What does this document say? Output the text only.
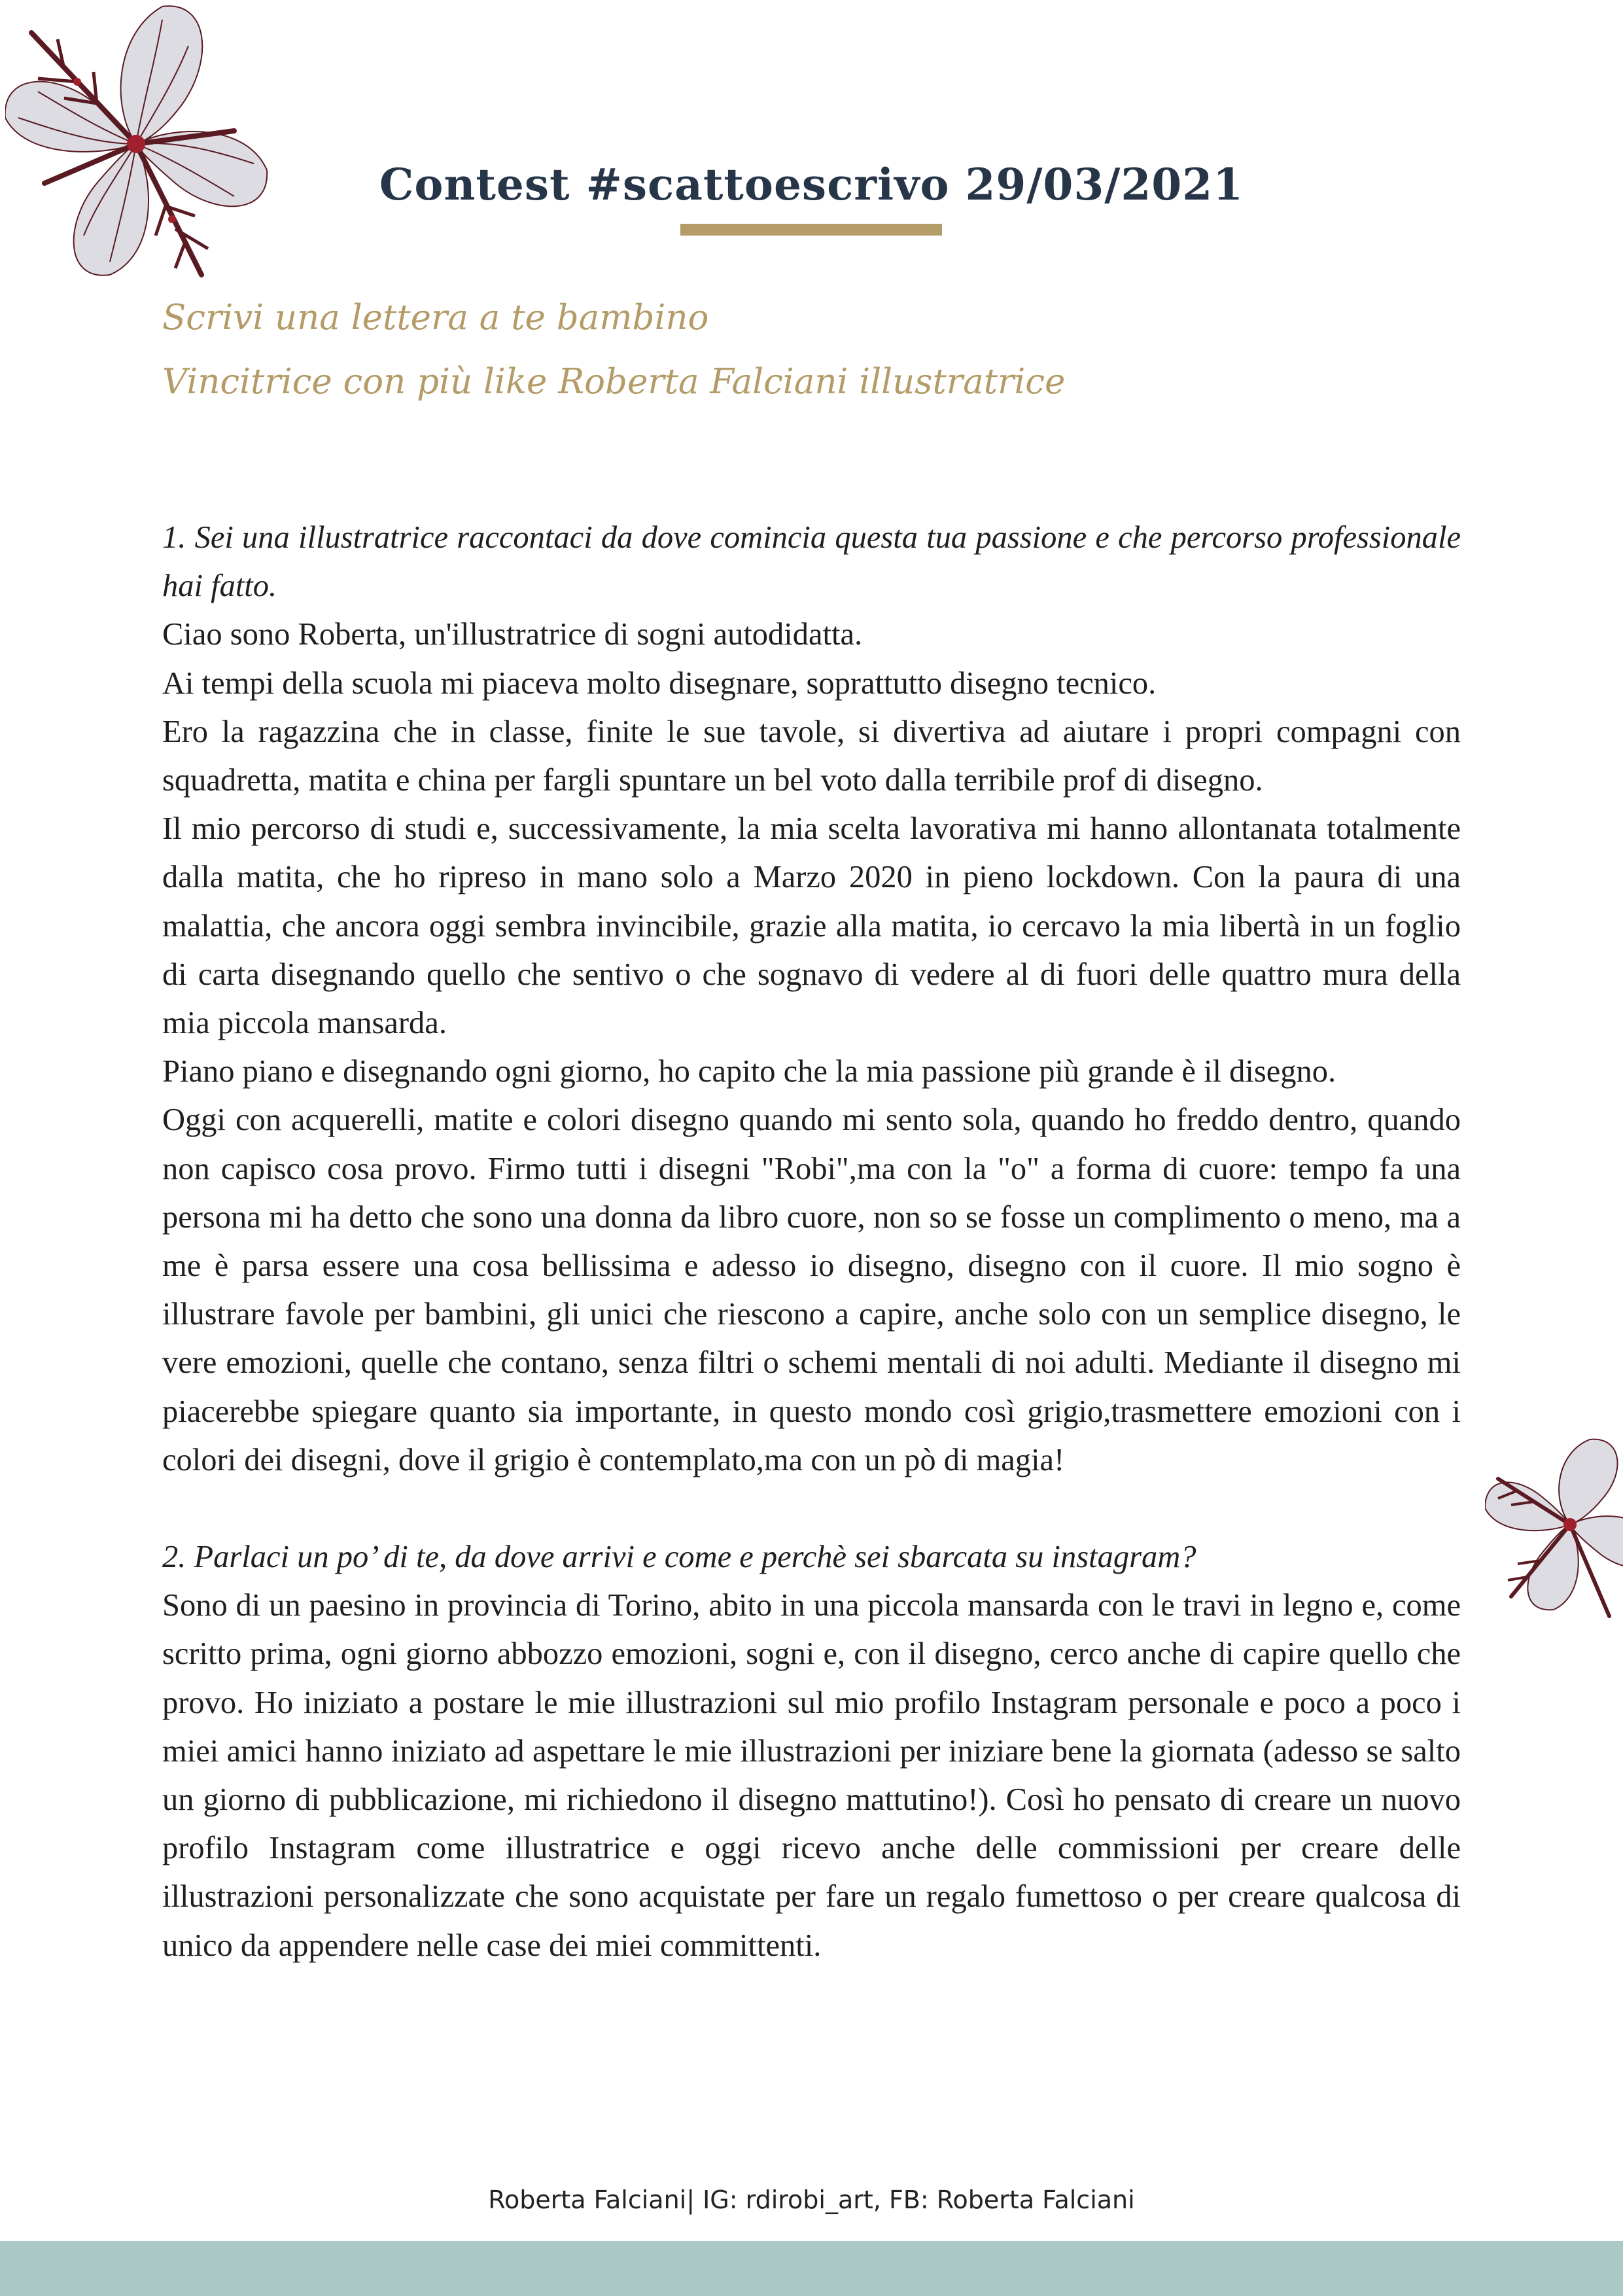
Contest #scattoescrivo 29/03/2021

Scrivi una lettera a te bambino

Vincitrice con più like Roberta Falciani illustratrice

1. Sei una illustratrice raccontaci da dove comincia questa tua passione e che percorso professionale hai fatto.

Ciao sono Roberta, un'illustratrice di sogni autodidatta.

Ai tempi della scuola mi piaceva molto disegnare, soprattutto disegno tecnico.

Ero la ragazzina che in classe, finite le sue tavole, si divertiva ad aiutare i propri compagni con squadretta, matita e china per fargli spuntare un bel voto dalla terribile prof di disegno.

Il mio percorso di studi e, successivamente, la mia scelta lavorativa mi hanno allontanata totalmente dalla matita, che ho ripreso in mano solo a Marzo 2020 in pieno lockdown. Con la paura di una malattia, che ancora oggi sembra invincibile, grazie alla matita, io cercavo la mia libertà in un foglio di carta disegnando quello che sentivo o che sognavo di vedere al di fuori delle quattro mura della mia piccola mansarda.

Piano piano e disegnando ogni giorno, ho capito che la mia passione più grande è il disegno.

Oggi con acquerelli, matite e colori disegno quando mi sento sola, quando ho freddo dentro, quando non capisco cosa provo. Firmo tutti i disegni "Robi",ma con la "o" a forma di cuore: tempo fa una persona mi ha detto che sono una donna da libro cuore, non so se fosse un complimento o meno, ma a me è parsa essere una cosa bellissima e adesso io disegno, disegno con il cuore. Il mio sogno è illustrare favole per bambini, gli unici che riescono a capire, anche solo con un semplice disegno, le vere emozioni, quelle che contano, senza filtri o schemi mentali di noi adulti. Mediante il disegno mi piacerebbe spiegare quanto sia importante, in questo mondo così grigio,trasmettere emozioni con i colori dei disegni, dove il grigio è contemplato,ma con un pò di magia!

2. Parlaci un po’ di te, da dove arrivi e come e perchè sei sbarcata su instagram?

Sono di un paesino in provincia di Torino, abito in una piccola mansarda con le travi in legno e, come scritto prima, ogni giorno abbozzo emozioni, sogni e, con il disegno, cerco anche di capire quello che provo. Ho iniziato a postare le mie illustrazioni sul mio profilo Instagram personale e poco a poco i miei amici hanno iniziato ad aspettare le mie illustrazioni per iniziare bene la giornata (adesso se salto un giorno di pubblicazione, mi richiedono il disegno mattutino!). Così ho pensato di creare un nuovo profilo Instagram come illustratrice e oggi ricevo anche delle commissioni per creare delle illustrazioni personalizzate che sono acquistate per fare un regalo fumettoso o per creare qualcosa di unico da appendere nelle case dei miei committenti.

Roberta Falciani| IG: rdirobi_art, FB: Roberta Falciani
